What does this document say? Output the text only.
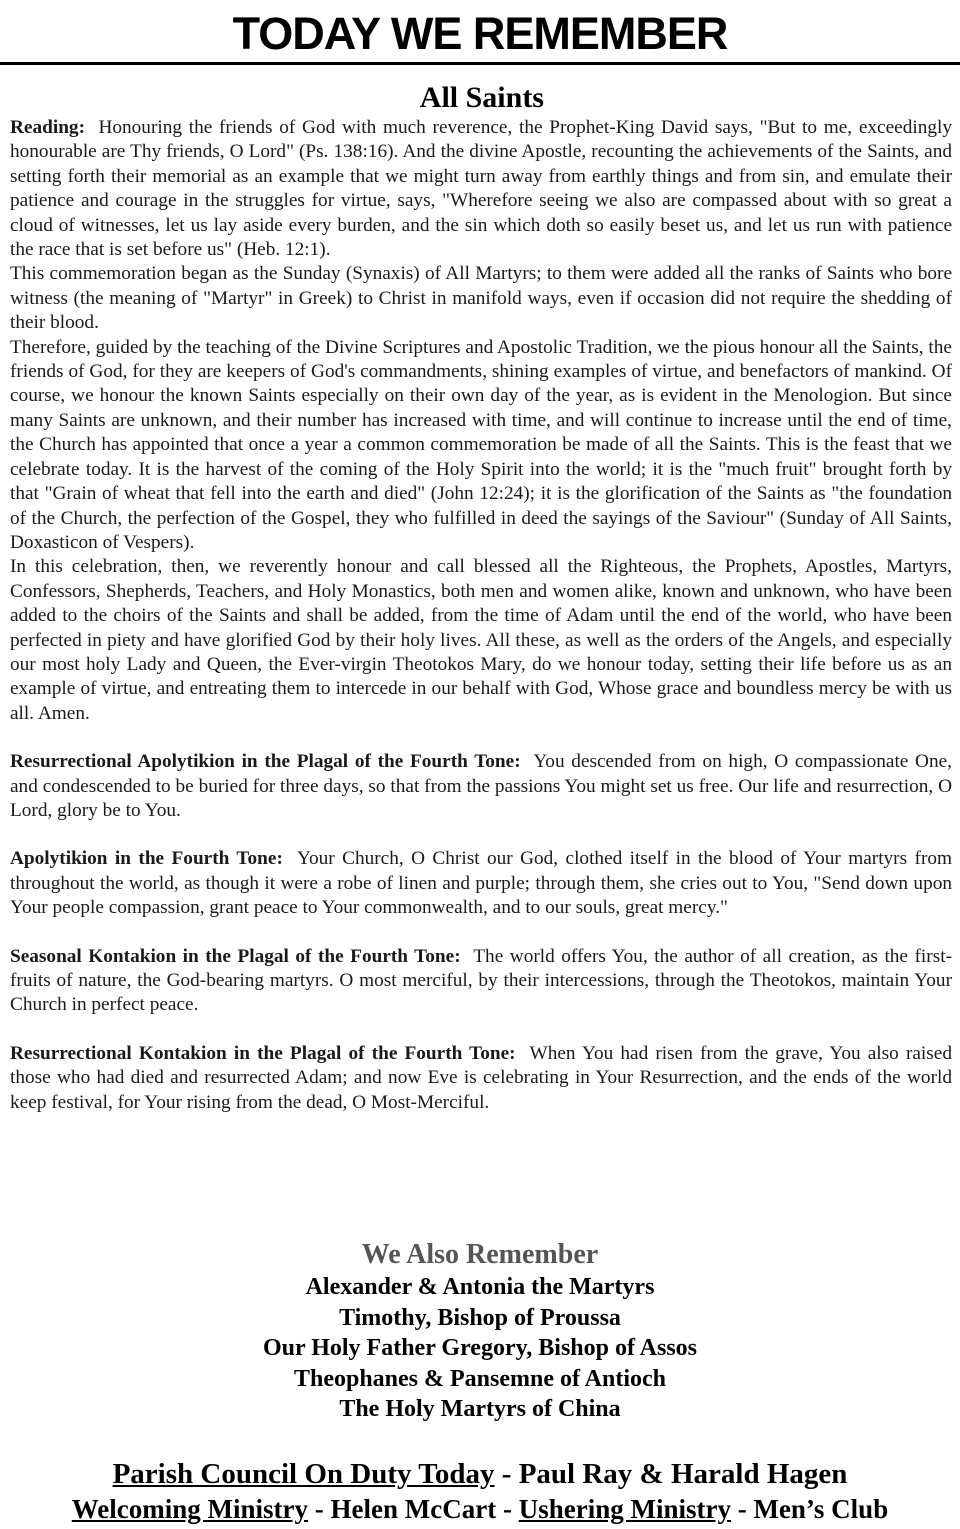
TODAY WE REMEMBER
All Saints

Reading: Honouring the friends of God with much reverence, the Prophet-King David says, "But to me, exceedingly honourable are Thy friends, O Lord" (Ps. 138:16). And the divine Apostle, recounting the achievements of the Saints, and setting forth their memorial as an example that we might turn away from earthly things and from sin, and emulate their patience and courage in the struggles for virtue, says, "Wherefore seeing we also are compassed about with so great a cloud of witnesses, let us lay aside every burden, and the sin which doth so easily beset us, and let us run with patience the race that is set before us" (Heb. 12:1).

This commemoration began as the Sunday (Synaxis) of All Martyrs; to them were added all the ranks of Saints who bore witness (the meaning of "Martyr" in Greek) to Christ in manifold ways, even if occasion did not require the shedding of their blood.

Therefore, guided by the teaching of the Divine Scriptures and Apostolic Tradition, we the pious honour all the Saints, the friends of God, for they are keepers of God's commandments, shining examples of virtue, and benefactors of mankind. Of course, we honour the known Saints especially on their own day of the year, as is evident in the Menologion. But since many Saints are unknown, and their number has increased with time, and will continue to increase until the end of time, the Church has appointed that once a year a common commemoration be made of all the Saints. This is the feast that we celebrate today. It is the harvest of the coming of the Holy Spirit into the world; it is the "much fruit" brought forth by that "Grain of wheat that fell into the earth and died" (John 12:24); it is the glorification of the Saints as "the foundation of the Church, the perfection of the Gospel, they who fulfilled in deed the sayings of the Saviour" (Sunday of All Saints, Doxasticon of Vespers).

In this celebration, then, we reverently honour and call blessed all the Righteous, the Prophets, Apostles, Martyrs, Confessors, Shepherds, Teachers, and Holy Monastics, both men and women alike, known and unknown, who have been added to the choirs of the Saints and shall be added, from the time of Adam until the end of the world, who have been perfected in piety and have glorified God by their holy lives. All these, as well as the orders of the Angels, and especially our most holy Lady and Queen, the Ever-virgin Theotokos Mary, do we honour today, setting their life before us as an example of virtue, and entreating them to intercede in our behalf with God, Whose grace and boundless mercy be with us all. Amen.

Resurrectional Apolytikion in the Plagal of the Fourth Tone: You descended from on high, O compassionate One, and condescended to be buried for three days, so that from the passions You might set us free. Our life and resurrection, O Lord, glory be to You.

Apolytikion in the Fourth Tone: Your Church, O Christ our God, clothed itself in the blood of Your martyrs from throughout the world, as though it were a robe of linen and purple; through them, she cries out to You, "Send down upon Your people compassion, grant peace to Your commonwealth, and to our souls, great mercy."

Seasonal Kontakion in the Plagal of the Fourth Tone: The world offers You, the author of all creation, as the first-fruits of nature, the God-bearing martyrs. O most merciful, by their intercessions, through the Theotokos, maintain Your Church in perfect peace.

Resurrectional Kontakion in the Plagal of the Fourth Tone: When You had risen from the grave, You also raised those who had died and resurrected Adam; and now Eve is celebrating in Your Resurrection, and the ends of the world keep festival, for Your rising from the dead, O Most-Merciful.

We Also Remember
Alexander & Antonia the Martyrs
Timothy, Bishop of Proussa
Our Holy Father Gregory, Bishop of Assos
Theophanes & Pansemne of Antioch
The Holy Martyrs of China
Parish Council On Duty Today - Paul Ray & Harald Hagen
Welcoming Ministry - Helen McCart - Ushering Ministry - Men’s Club
